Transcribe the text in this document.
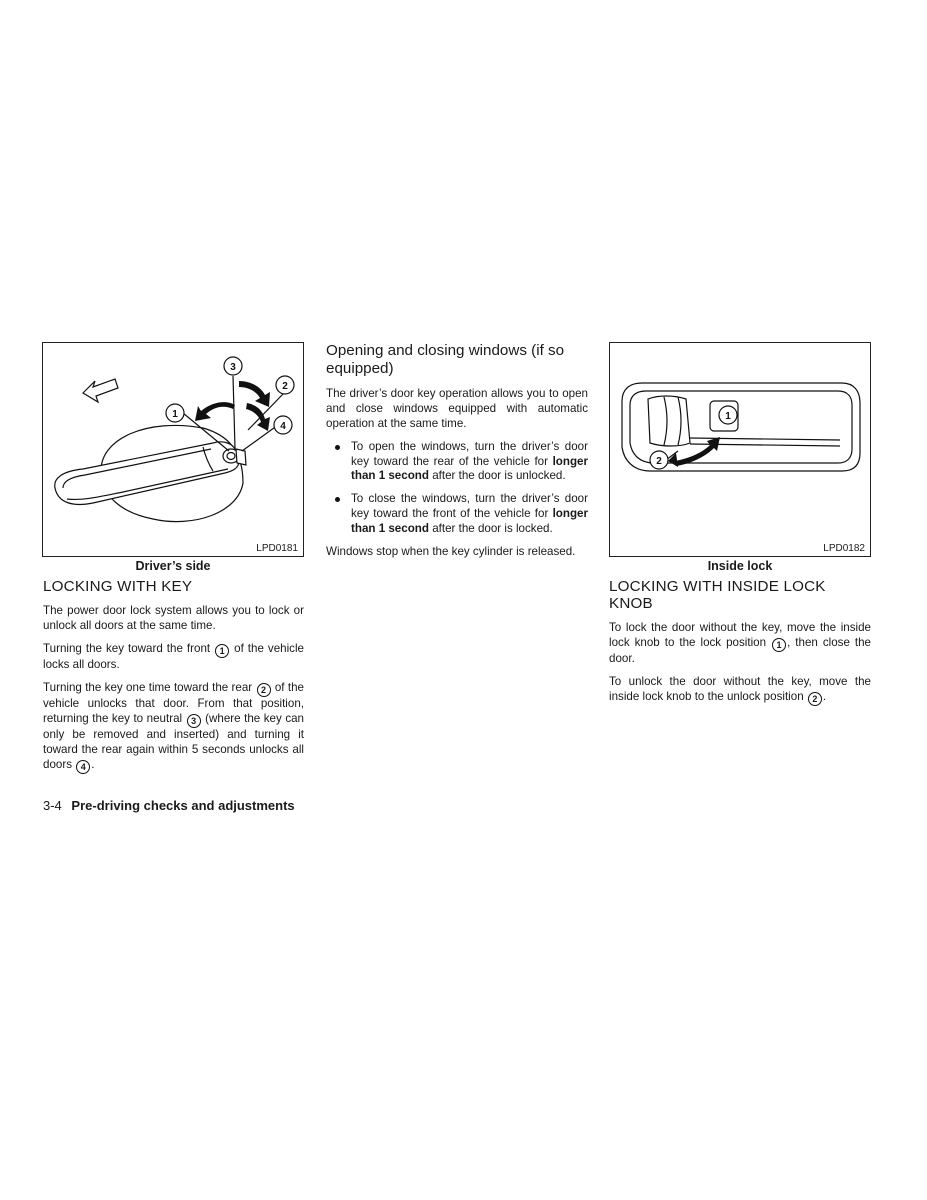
1
2
3
4
LPD0181
Driver’s side
1
2
LPD0182
Inside lock
LOCKING WITH KEY

The power door lock system allows you to lock or unlock all doors at the same time.

Turning the key toward the front 1 of the vehicle locks all doors.

Turning the key one time toward the rear 2 of the vehicle unlocks that door. From that position, returning the key to neutral 3 (where the key can only be removed and inserted) and turning it toward the rear again within 5 seconds unlocks all doors 4 .

Opening and closing windows (if so equipped)

The driver’s door key operation allows you to open and close windows equipped with automatic operation at the same time.

To open the windows, turn the driver’s door key toward the rear of the vehicle for longer than 1 second after the door is unlocked.
To close the windows, turn the driver’s door key toward the front of the vehicle for longer than 1 second after the door is locked.

Windows stop when the key cylinder is released.

LOCKING WITH INSIDE LOCK KNOB

To lock the door without the key, move the inside lock knob to the lock position 1 , then close the door.

To unlock the door without the key, move the inside lock knob to the unlock position 2 .

3-4 Pre-driving checks and adjustments
